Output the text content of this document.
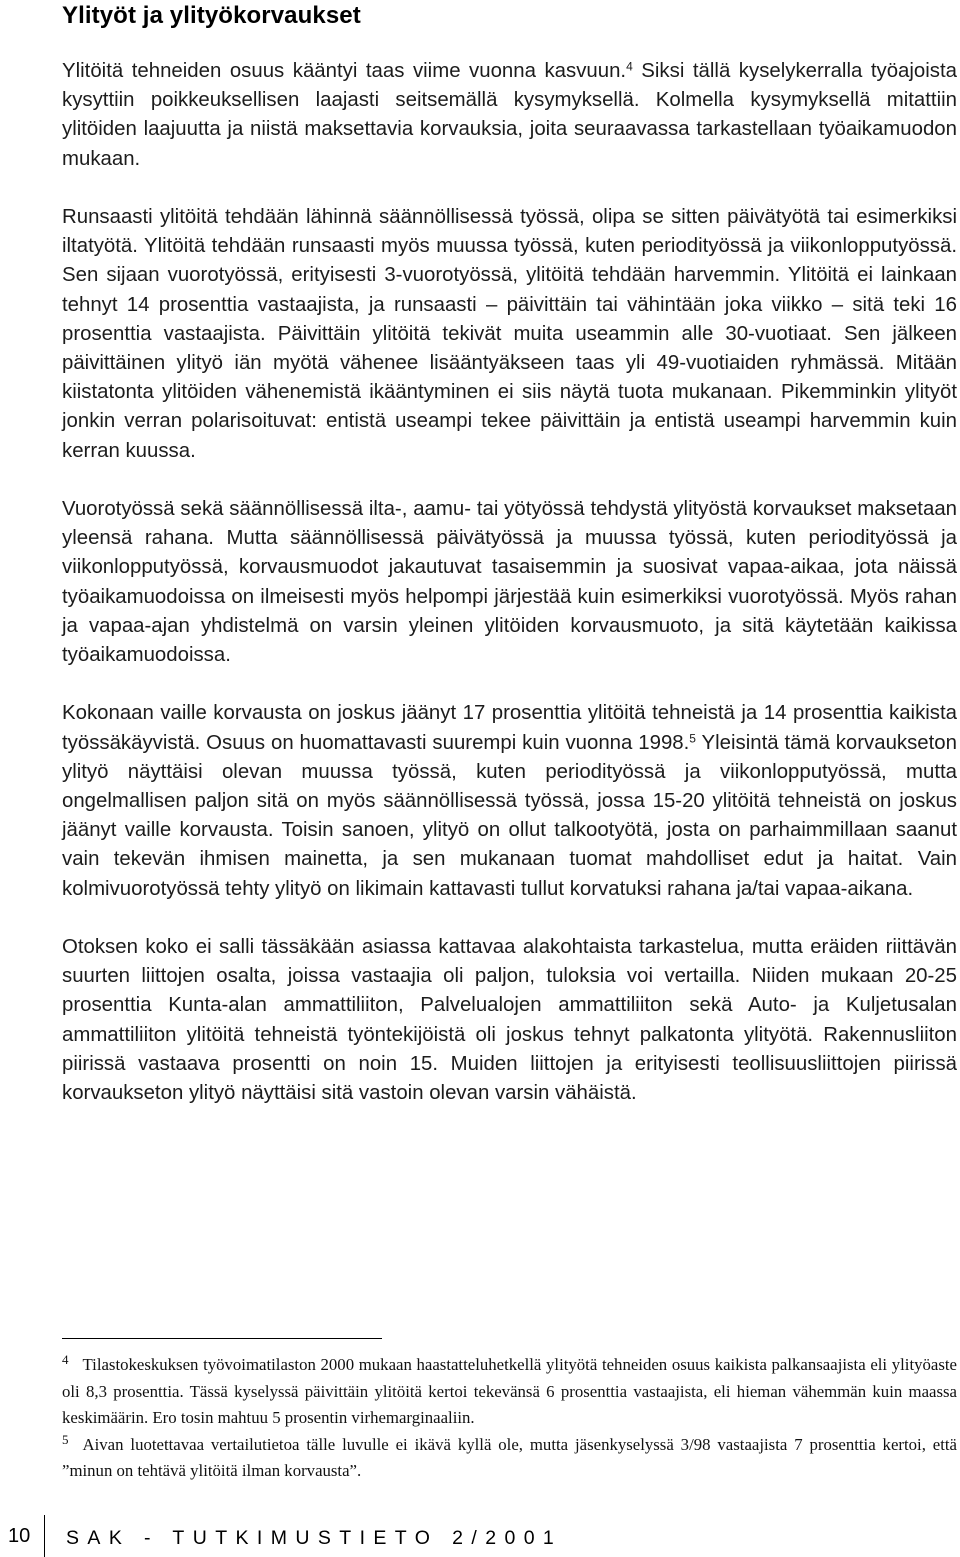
Ylityöt ja ylityökorvaukset

Ylitöitä tehneiden osuus kääntyi taas viime vuonna kasvuun.$^4$ Siksi tällä kyselykerralla työajoista kysyttiin poikkeuksellisen laajasti seitsemällä kysymyksellä. Kolmella kysymyksellä mitattiin ylitöiden laajuutta ja niistä maksettavia korvauksia, joita seuraavassa tarkastellaan työaikamuodon mukaan.

Runsaasti ylitöitä tehdään lähinnä säännöllisessä työssä, olipa se sitten päivätyötä tai esimerkiksi iltatyötä. Ylitöitä tehdään runsaasti myös muussa työssä, kuten periodityössä ja viikonlopputyössä. Sen sijaan vuorotyössä, erityisesti 3-vuorotyössä, ylitöitä tehdään harvemmin. Ylitöitä ei lainkaan tehnyt 14 prosenttia vastaajista, ja runsaasti – päivittäin tai vähintään joka viikko – sitä teki 16 prosenttia vastaajista. Päivittäin ylitöitä tekivät muita useammin alle 30-vuotiaat. Sen jälkeen päivittäinen ylityö iän myötä vähenee lisääntyäkseen taas yli 49-vuotiaiden ryhmässä. Mitään kiistatonta ylitöiden vähenemistä ikääntyminen ei siis näytä tuota mukanaan. Pikemminkin ylityöt jonkin verran polarisoituvat: entistä useampi tekee päivittäin ja entistä useampi harvemmin kuin kerran kuussa.

Vuorotyössä sekä säännöllisessä ilta-, aamu- tai yötyössä tehdystä ylityöstä korvaukset maksetaan yleensä rahana. Mutta säännöllisessä päivätyössä ja muussa työssä, kuten periodityössä ja viikonlopputyössä, korvausmuodot jakautuvat tasaisemmin ja suosivat vapaa-aikaa, jota näissä työaikamuodoissa on ilmeisesti myös helpompi järjestää kuin esimerkiksi vuorotyössä. Myös rahan ja vapaa-ajan yhdistelmä on varsin yleinen ylitöiden korvausmuoto, ja sitä käytetään kaikissa työaikamuodoissa.

Kokonaan vaille korvausta on joskus jäänyt 17 prosenttia ylitöitä tehneistä ja 14 prosenttia kaikista työssäkäyvistä. Osuus on huomattavasti suurempi kuin vuonna 1998.$^5$ Yleisintä tämä korvaukseton ylityö näyttäisi olevan muussa työssä, kuten periodityössä ja viikonlopputyössä, mutta ongelmallisen paljon sitä on myös säännöllisessä työssä, jossa 15-20 ylitöitä tehneistä on joskus jäänyt vaille korvausta. Toisin sanoen, ylityö on ollut talkootyötä, josta on parhaimmillaan saanut vain tekevän ihmisen mainetta, ja sen mukanaan tuomat mahdolliset edut ja haitat. Vain kolmivuorotyössä tehty ylityö on likimain kattavasti tullut korvatuksi rahana ja/tai vapaa-aikana.

Otoksen koko ei salli tässäkään asiassa kattavaa alakohtaista tarkastelua, mutta eräiden riittävän suurten liittojen osalta, joissa vastaajia oli paljon, tuloksia voi vertailla. Niiden mukaan 20-25 prosenttia Kunta-alan ammattiliiton, Palvelualojen ammattiliiton sekä Auto- ja Kuljetusalan ammattiliiton ylitöitä tehneistä työntekijöistä oli joskus tehnyt palkatonta ylityötä. Rakennusliiton piirissä vastaava prosentti on noin 15. Muiden liittojen ja erityisesti teollisuusliittojen piirissä korvaukseton ylityö näyttäisi sitä vastoin olevan varsin vähäistä.

$^4$ Tilastokeskuksen työvoimatilaston 2000 mukaan haastatteluhetkellä ylityötä tehneiden osuus kaikista palkansaajista eli ylityöaste oli 8,3 prosenttia. Tässä kyselyssä päivittäin ylitöitä kertoi tekevänsä 6 prosenttia vastaajista, eli hieman vähemmän kuin maassa keskimäärin. Ero tosin mahtuu 5 prosentin virhemarginaaliin.

$^5$ Aivan luotettavaa vertailutietoa tälle luvulle ei ikävä kyllä ole, mutta jäsenkyselyssä 3/98 vastaajista 7 prosenttia kertoi, että ”minun on tehtävä ylitöitä ilman korvausta”.

10 SAK - TUTKIMUSTIETO 2/2001
